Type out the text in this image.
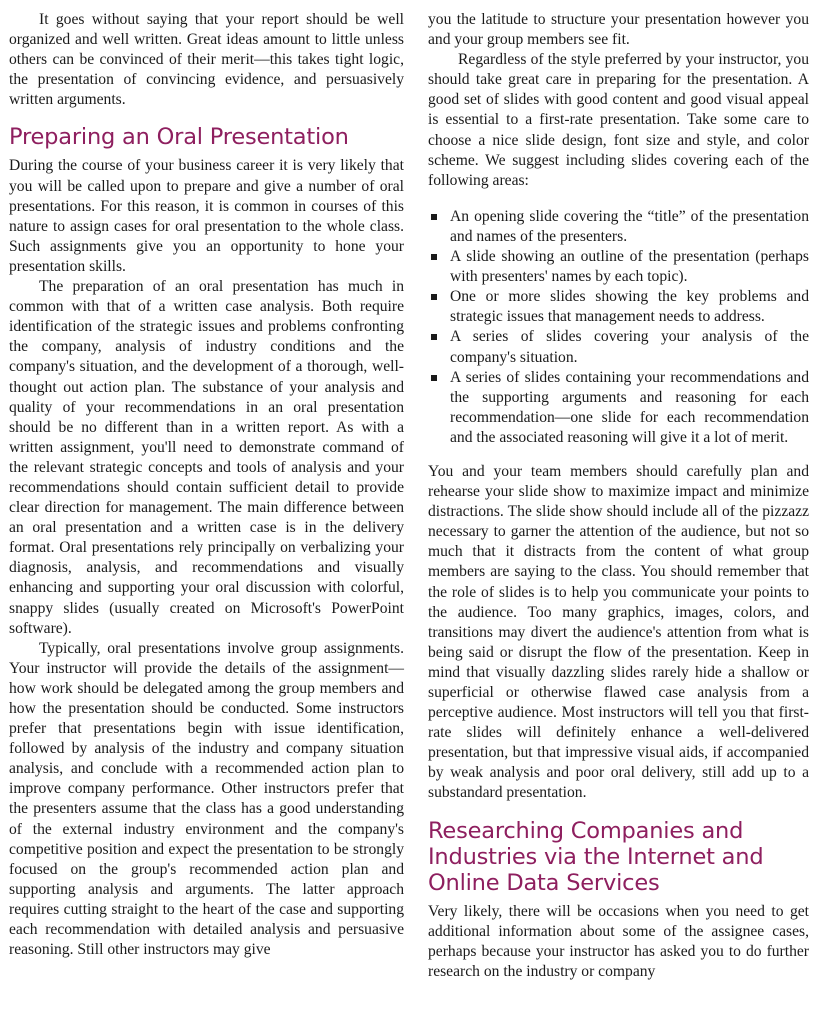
It goes without saying that your report should be well organized and well written. Great ideas amount to little unless others can be convinced of their merit—this takes tight logic, the presentation of convincing evidence, and persuasively written arguments.

Preparing an Oral Presentation

During the course of your business career it is very likely that you will be called upon to prepare and give a number of oral presentations. For this reason, it is common in courses of this nature to assign cases for oral presentation to the whole class. Such assignments give you an opportunity to hone your presentation skills.

The preparation of an oral presentation has much in common with that of a written case analysis. Both require identification of the strategic issues and problems confronting the company, analysis of industry conditions and the company's situation, and the development of a thorough, well-thought out action plan. The substance of your analysis and quality of your recommendations in an oral presentation should be no different than in a written report. As with a written assignment, you'll need to demonstrate command of the relevant strategic concepts and tools of analysis and your recommendations should contain sufficient detail to provide clear direction for management. The main difference between an oral presentation and a written case is in the delivery format. Oral presentations rely principally on verbalizing your diagnosis, analysis, and recommendations and visually enhancing and supporting your oral discussion with colorful, snappy slides (usually created on Microsoft's PowerPoint software).

Typically, oral presentations involve group assignments. Your instructor will provide the details of the assignment—how work should be delegated among the group members and how the presentation should be conducted. Some instructors prefer that presentations begin with issue identification, followed by analysis of the industry and company situation analysis, and conclude with a recommended action plan to improve company performance. Other instructors prefer that the presenters assume that the class has a good understanding of the external industry environment and the company's competitive position and expect the presentation to be strongly focused on the group's recommended action plan and supporting analysis and arguments. The latter approach requires cutting straight to the heart of the case and supporting each recommendation with detailed analysis and persuasive reasoning. Still other instructors may give

you the latitude to structure your presentation however you and your group members see fit.

Regardless of the style preferred by your instructor, you should take great care in preparing for the presentation. A good set of slides with good content and good visual appeal is essential to a first-rate presentation. Take some care to choose a nice slide design, font size and style, and color scheme. We suggest including slides covering each of the following areas:

An opening slide covering the “title” of the presentation and names of the presenters.
A slide showing an outline of the presentation (perhaps with presenters' names by each topic).
One or more slides showing the key problems and strategic issues that management needs to address.
A series of slides covering your analysis of the company's situation.
A series of slides containing your recommendations and the supporting arguments and reasoning for each recommendation—one slide for each recommendation and the associated reasoning will give it a lot of merit.

You and your team members should carefully plan and rehearse your slide show to maximize impact and minimize distractions. The slide show should include all of the pizzazz necessary to garner the attention of the audience, but not so much that it distracts from the content of what group members are saying to the class. You should remember that the role of slides is to help you communicate your points to the audience. Too many graphics, images, colors, and transitions may divert the audience's attention from what is being said or disrupt the flow of the presentation. Keep in mind that visually dazzling slides rarely hide a shallow or superficial or otherwise flawed case analysis from a perceptive audience. Most instructors will tell you that first-rate slides will definitely enhance a well-delivered presentation, but that impressive visual aids, if accompanied by weak analysis and poor oral delivery, still add up to a substandard presentation.

Researching Companies and Industries via the Internet and Online Data Services

Very likely, there will be occasions when you need to get additional information about some of the assignee cases, perhaps because your instructor has asked you to do further research on the industry or company
